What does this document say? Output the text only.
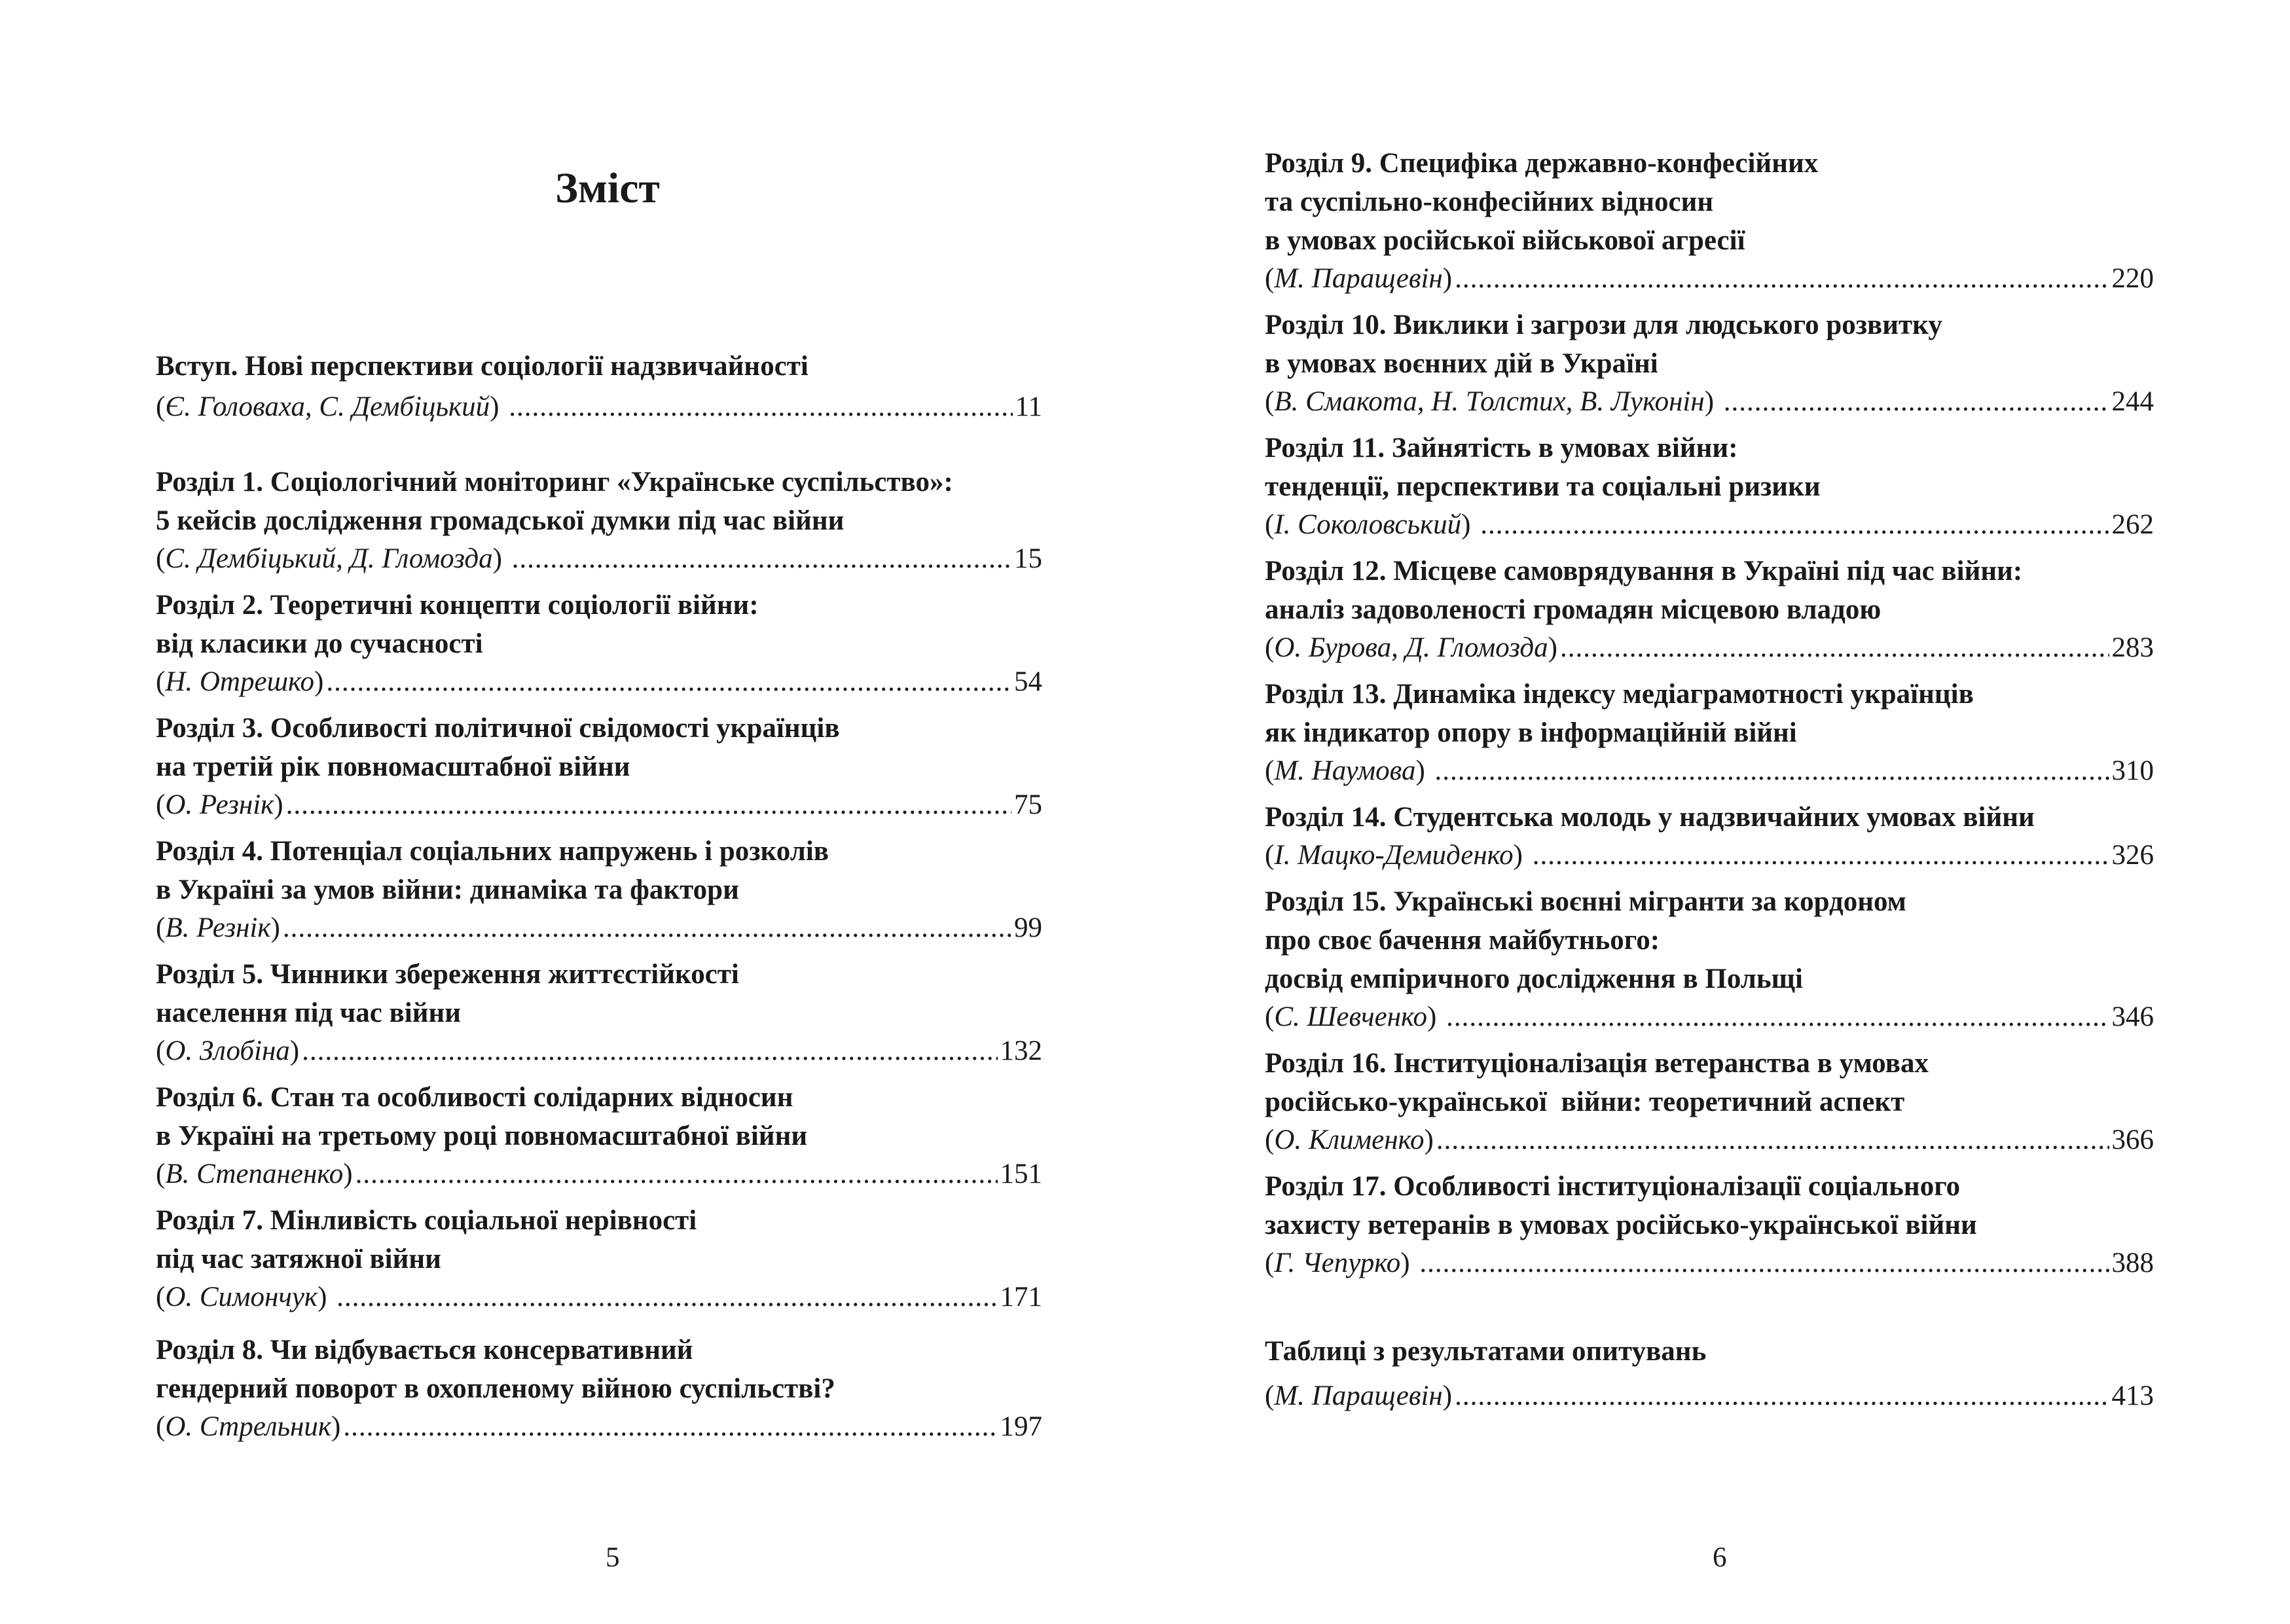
Зміст
Вступ. Нові перспективи соціології надзвичайності
(Є. Головаха, С. Дембіцький) .....	11
Розділ 1. Соціологічний моніторинг «Українське суспільство»:
5 кейсів дослідження громадської думки під час війни
(С. Дембіцький, Д. Гломозда) .....	15
Розділ 2. Теоретичні концепти соціології війни:
від класики до сучасності
(Н. Отрешко) .....	54
Розділ 3. Особливості політичної свідомості українців
на третій рік повномасштабної війни
(О. Резнік) .....	75
Розділ 4. Потенціал соціальних напружень і розколів
в Україні за умов війни: динаміка та фактори
(В. Резнік) .....	99
Розділ 5. Чинники збереження життєстійкості
населення під час війни
(О. Злобіна) .....	132
Розділ 6. Стан та особливості солідарних відносин
в Україні на третьому році повномасштабної війни
(В. Степаненко) .....	151
Розділ 7. Мінливість соціальної нерівності
під час затяжної війни
(О. Симончук) .....	171
Розділ 8. Чи відбувається консервативний
гендерний поворот в охопленому війною суспільстві?
(О. Стрельник) .....	197
5
Розділ 9. Специфіка державно-конфесійних
та суспільно-конфесійних відносин
в умовах російської військової агресії
(М. Паращевін) .....	220
Розділ 10. Виклики і загрози для людського розвитку
в умовах воєнних дій в Україні
(В. Смакота, Н. Толстих, В. Луконін) .....	244
Розділ 11. Зайнятість в умовах війни:
тенденції, перспективи та соціальні ризики
(І. Соколовський) .....	262
Розділ 12. Місцеве самоврядування в Україні під час війни:
аналіз задоволеності громадян місцевою владою
(О. Бурова, Д. Гломозда) .....	283
Розділ 13. Динаміка індексу медіаграмотності українців
як індикатор опору в інформаційній війні
(М. Наумова) .....	310
Розділ 14. Студентська молодь у надзвичайних умовах війни
(І. Мацко-Демиденко) .....	326
Розділ 15. Українські воєнні мігранти за кордоном
про своє бачення майбутнього:
досвід емпіричного дослідження в Польщі
(С. Шевченко) .....	346
Розділ 16. Інституціоналізація ветеранства в умовах
російсько-української  війни: теоретичний аспект
(О. Клименко) .....	366
Розділ 17. Особливості інституціоналізації соціального
захисту ветеранів в умовах російсько-української війни
(Г. Чепурко) .....	388
Таблиці з результатами опитувань
(М. Паращевін) .....	413
6
